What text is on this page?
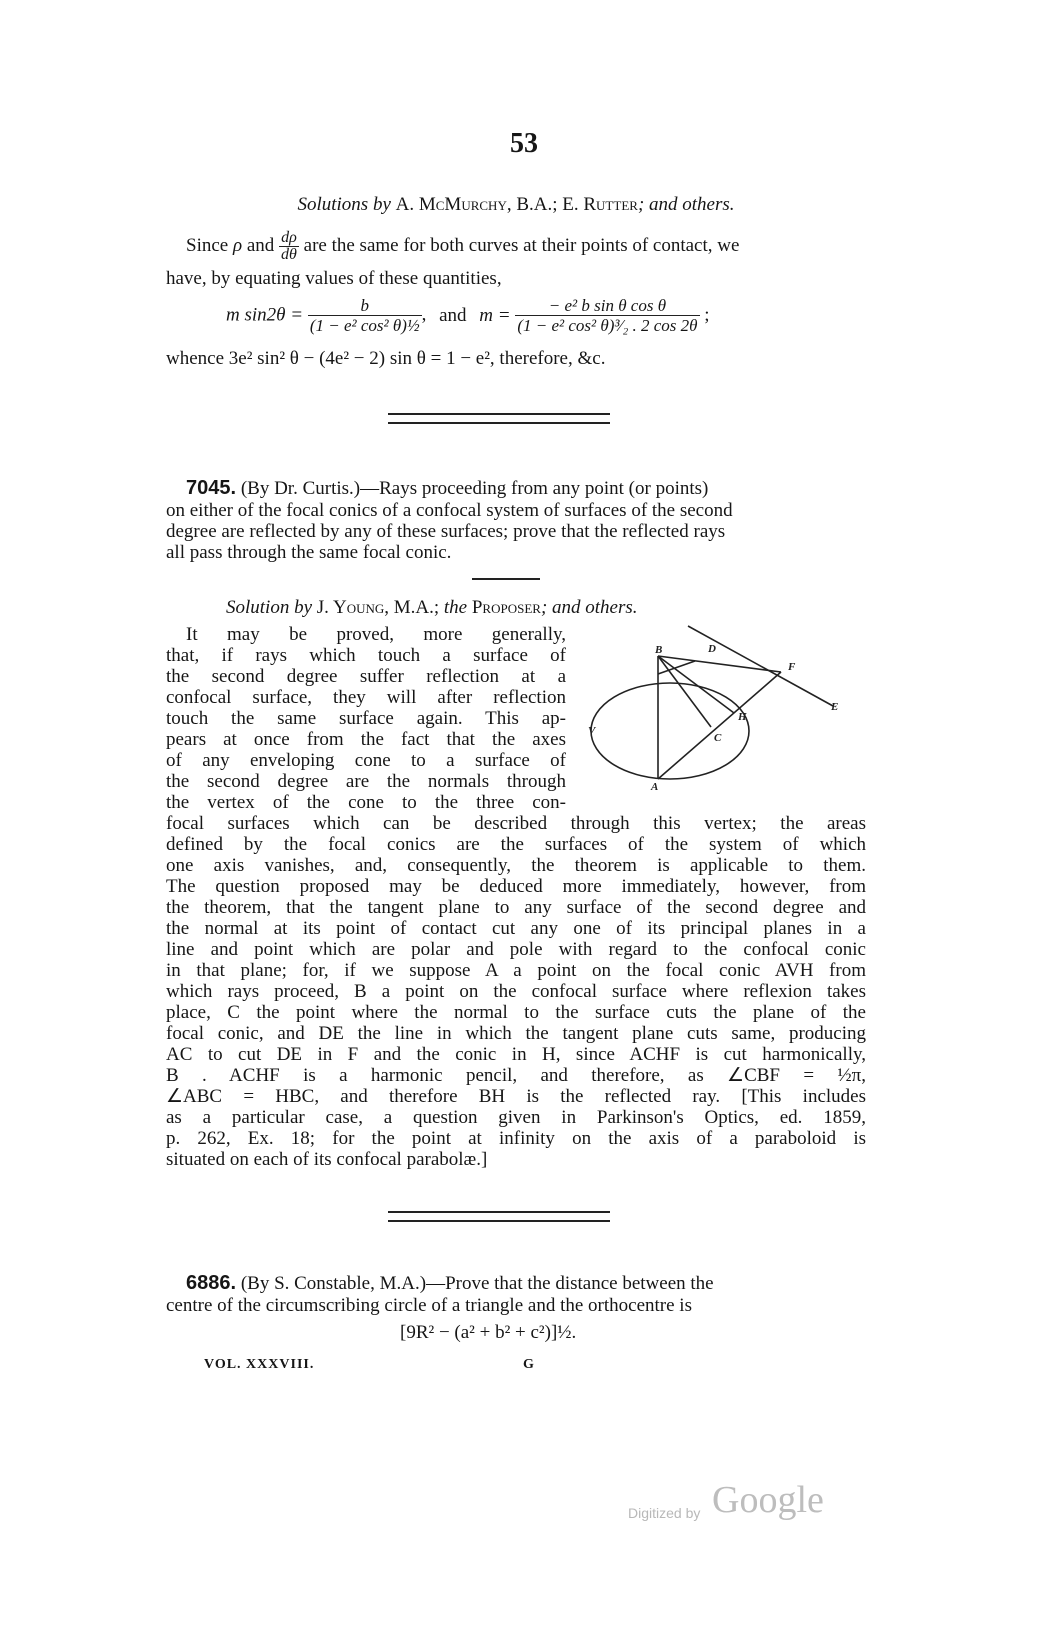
53
Solutions by A. McMurchy, B.A.; E. Rutter; and others.
Since ρ and $\frac{d\rho}{d\theta}$ are the same for both curves at their points of contact, we
have, by equating values of these quantities,
m $\sin 2\theta = \frac{b}{\text{(1 − e² cos² θ)½}}$ , and $m = \frac{\text{− e² b sin θ cos θ}}{\text{(1 − e² cos² θ)³⁄₂ . 2 cos 2θ}}$ ;
whence 3e² sin² θ − (4e² − 2) sin θ = 1 − e², therefore, &c.
7045. (By Dr. Curtis.)—Rays proceeding from any point (or points)
on either of the focal conics of a confocal system of surfaces of the second
degree are reflected by any of these surfaces; prove that the reflected rays
all pass through the same focal conic.
Solution by J. Young, M.A.; the Proposer; and others.
It may be proved, more generally,
that, if rays which touch a surface of
the second degree suffer reflection at a
confocal surface, they will after reflection
touch the same surface again. This ap-
pears at once from the fact that the axes
of any enveloping cone to a surface of
the second degree are the normals through
the vertex of the cone to the three con-
B	D
F
E
V
H
C
A
focal surfaces which can be described through this vertex; the areas
defined by the focal conics are the surfaces of the system of which
one axis vanishes, and, consequently, the theorem is applicable to them.
The question proposed may be deduced more immediately, however, from
the theorem, that the tangent plane to any surface of the second degree and
the normal at its point of contact cut any one of its principal planes in a
line and point which are polar and pole with regard to the confocal conic
in that plane; for, if we suppose A a point on the focal conic AVH from
which rays proceed, B a point on the confocal surface where reflexion takes
place, C the point where the normal to the surface cuts the plane of the
focal conic, and DE the line in which the tangent plane cuts same, producing
AC to cut DE in F and the conic in H, since ACHF is cut harmonically,
B . ACHF is a harmonic pencil, and therefore, as ∠CBF = ½π,
∠ABC = HBC, and therefore BH is the reflected ray. [This includes
as a particular case, a question given in Parkinson's Optics, ed. 1859,
p. 262, Ex. 18; for the point at infinity on the axis of a paraboloid is
situated on each of its confocal parabolæ.]
6886. (By S. Constable, M.A.)—Prove that the distance between the
centre of the circumscribing circle of a triangle and the orthocentre is
[9R² − (a² + b² + c²)]½.
VOL. XXXVIII.	G
Digitized by Google
